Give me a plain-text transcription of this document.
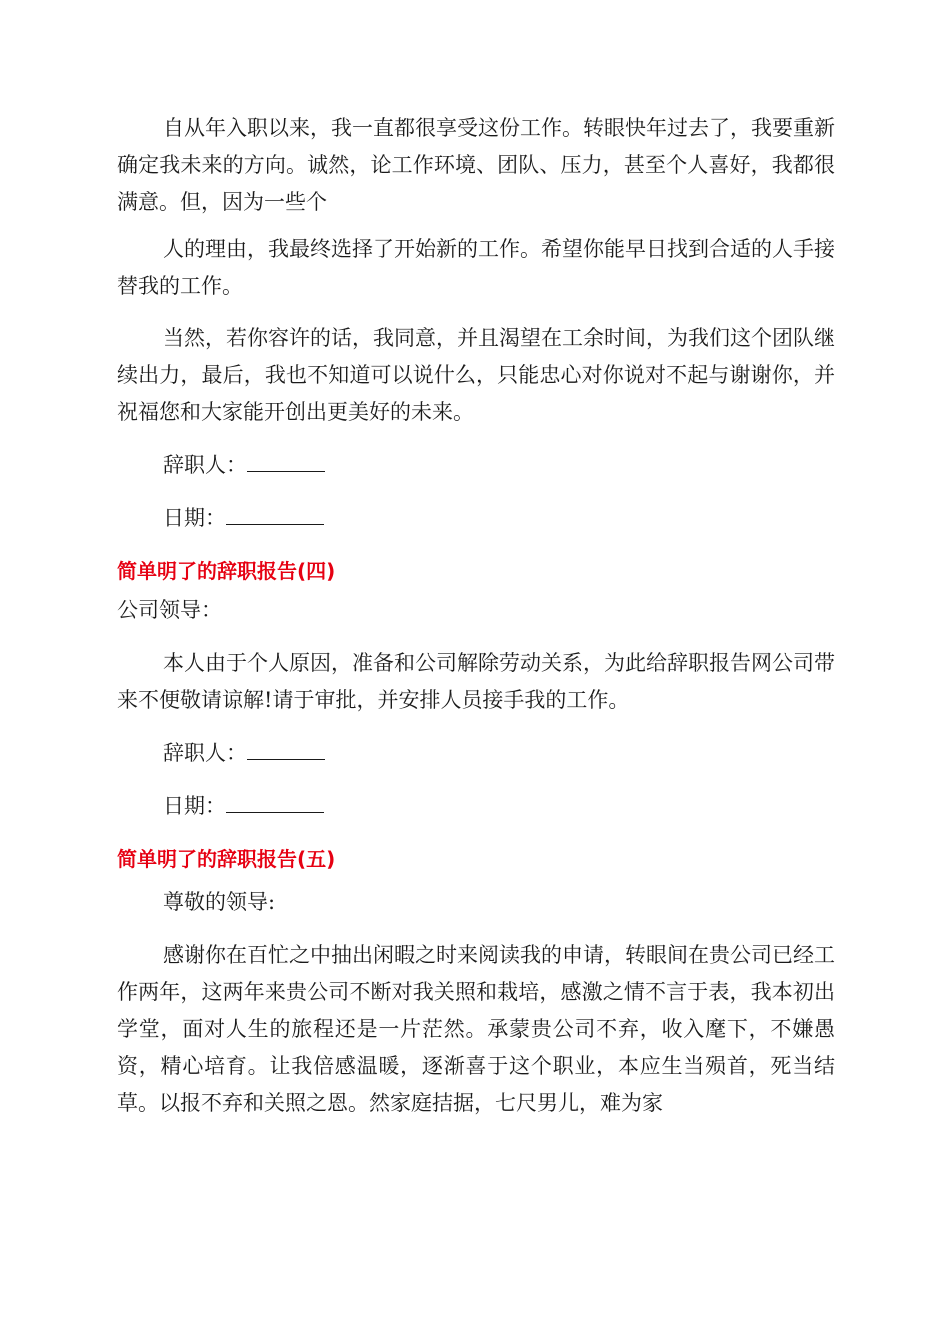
自从年入职以来，我一直都很享受这份工作。转眼快年过去了，我要重新确定我未来的方向。诚然，论工作环境、团队、压力，甚至个人喜好，我都很满意。但，因为一些个

人的理由，我最终选择了开始新的工作。希望你能早日找到合适的人手接替我的工作。

当然，若你容许的话，我同意，并且渴望在工余时间，为我们这个团队继续出力，最后，我也不知道可以说什么，只能忠心对你说对不起与谢谢你，并祝福您和大家能开创出更美好的未来。

辞职人：

日期：

简单明了的辞职报告(四)

公司领导：

本人由于个人原因，准备和公司解除劳动关系，为此给辞职报告网公司带来不便敬请谅解!请于审批，并安排人员接手我的工作。

辞职人：

日期：

简单明了的辞职报告(五)

尊敬的领导:

感谢你在百忙之中抽出闲暇之时来阅读我的申请，转眼间在贵公司已经工作两年，这两年来贵公司不断对我关照和栽培，感激之情不言于表，我本初出学堂，面对人生的旅程还是一片茫然。承蒙贵公司不弃，收入麾下，不嫌愚资，精心培育。让我倍感温暖，逐渐喜于这个职业，本应生当殒首，死当结草。以报不弃和关照之恩。然家庭拮据，七尺男儿，难为家
